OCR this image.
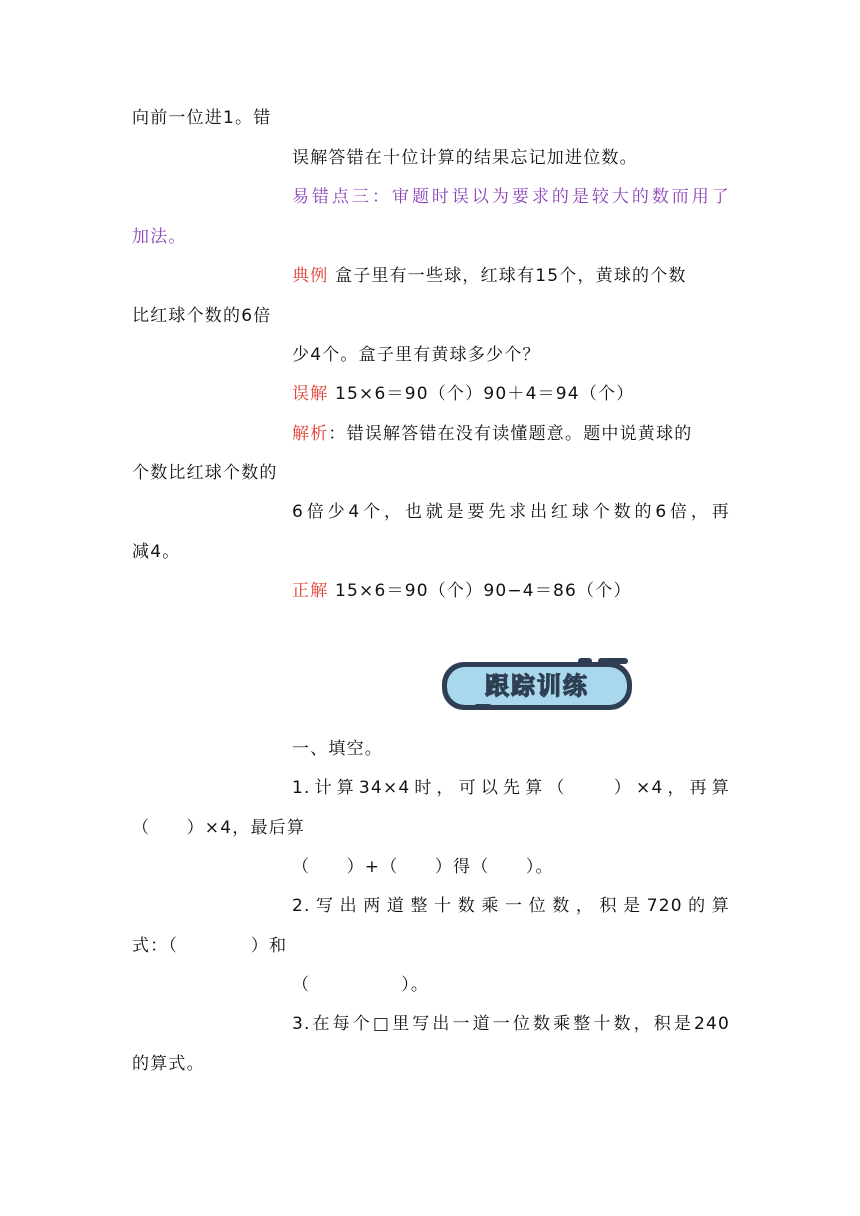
向前一位进1。错
误解答错在十位计算的结果忘记加进位数。
易错点三：审题时误以为要求的是较大的数而用了
加法。
典例 盒子里有一些球，红球有15个，黄球的个数
比红球个数的6倍
少4个。盒子里有黄球多少个？
误解 15×6＝90（个）90＋4＝94（个）
解析：错误解答错在没有读懂题意。题中说黄球的
个数比红球个数的
6倍少4个，也就是要先求出红球个数的6倍，再
减4。
正解 15×6＝90（个）90−4＝86（个）
跟踪训练
一、填空。
1.计算34×4时，可以先算（　　）×4，再算
（　　）×4，最后算
（　　）+（　　）得（　　）。
2.写出两道整十数乘一位数，积是720的算
式：（　　　　）和
（　　　　　）。
3.在每个□里写出一道一位数乘整十数，积是240
的算式。
